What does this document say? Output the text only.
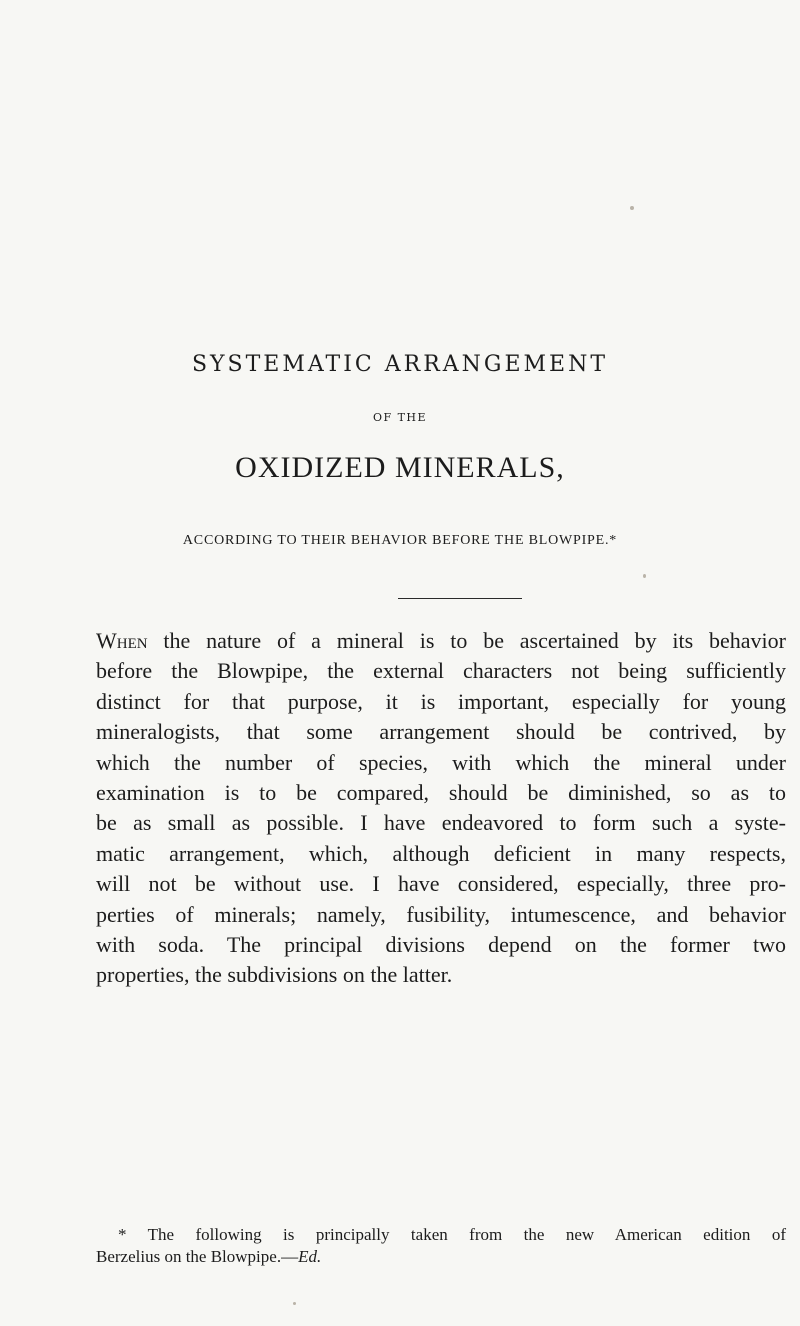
SYSTEMATIC ARRANGEMENT
OF THE
OXIDIZED MINERALS,
ACCORDING TO THEIR BEHAVIOR BEFORE THE BLOWPIPE.*
When the nature of a mineral is to be ascertained by its behavior
before the Blowpipe, the external characters not being sufficiently
distinct for that purpose, it is important, especially for young
mineralogists, that some arrangement should be contrived, by
which the number of species, with which the mineral under
examination is to be compared, should be diminished, so as to
be as small as possible. I have endeavored to form such a syste-
matic arrangement, which, although deficient in many respects,
will not be without use. I have considered, especially, three pro-
perties of minerals; namely, fusibility, intumescence, and behavior
with soda. The principal divisions depend on the former two
properties, the subdivisions on the latter.
* The following is principally taken from the new American edition of
Berzelius on the Blowpipe.—Ed.
